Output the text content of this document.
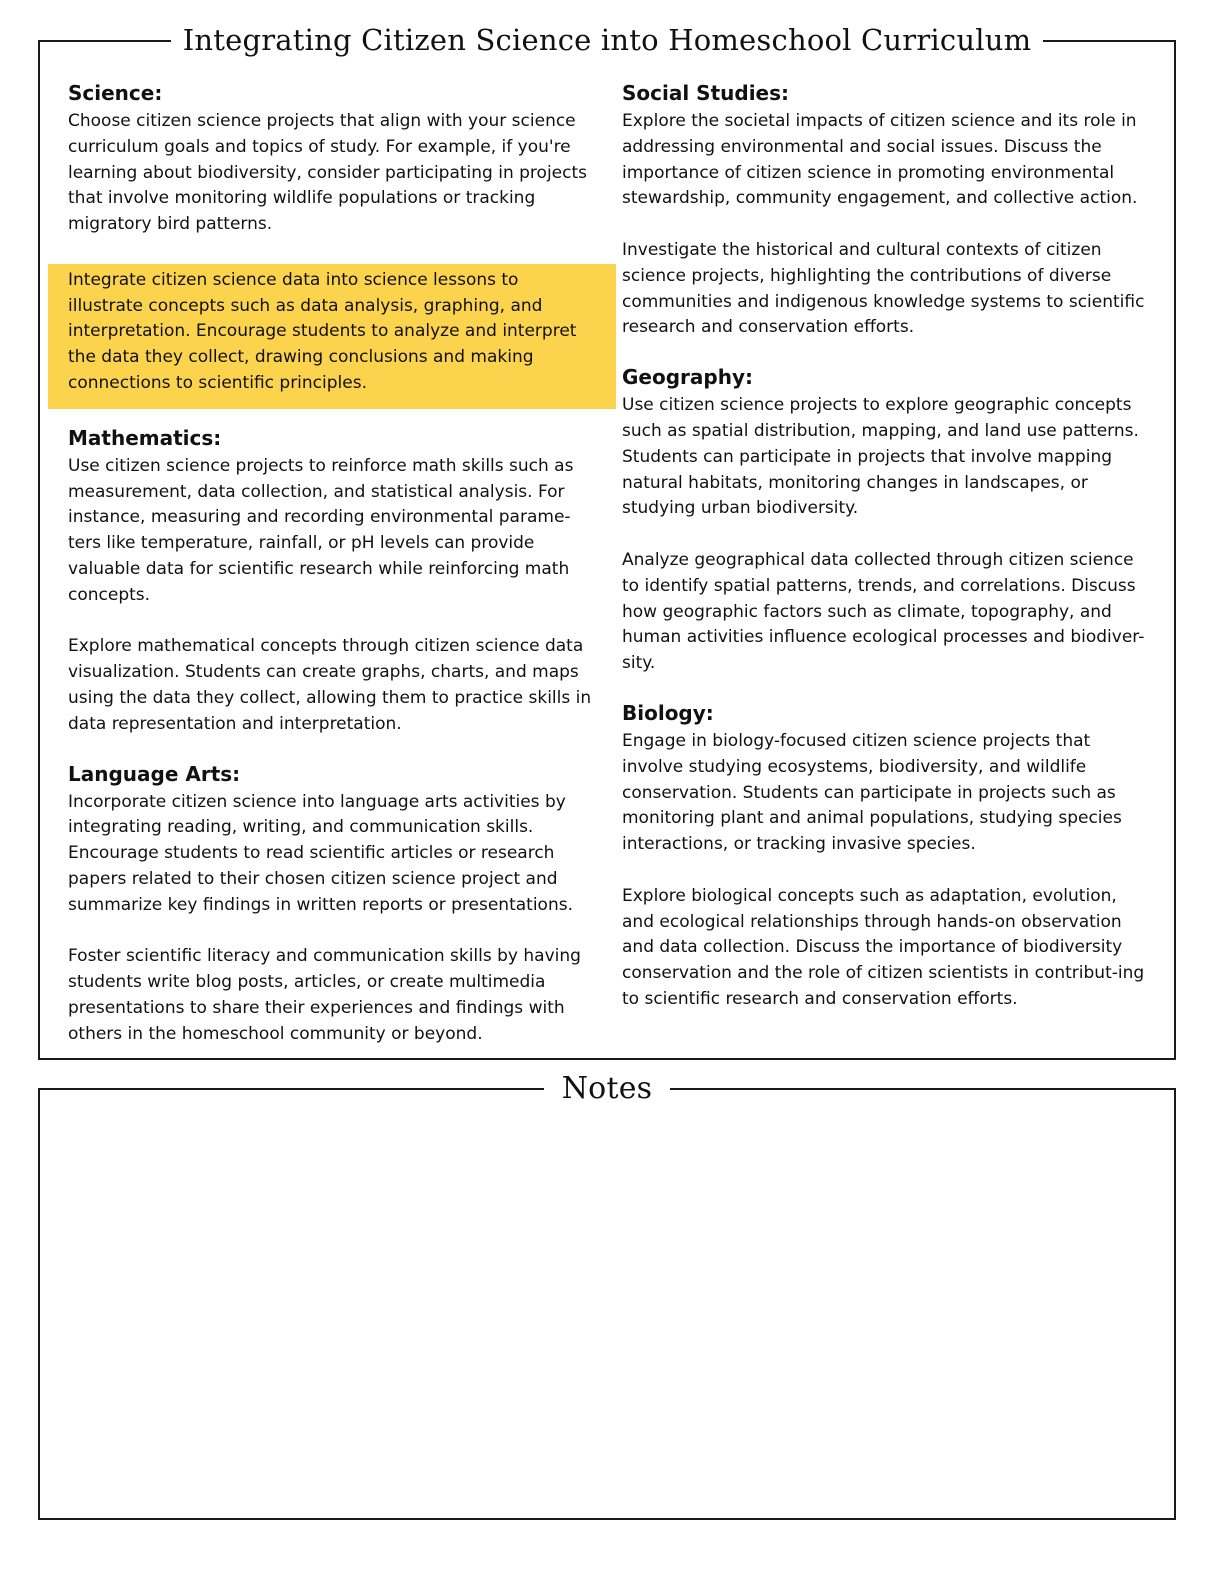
Integrating Citizen Science into Homeschool Curriculum
Science:

Choose citizen science projects that align with your science curriculum goals and topics of study. For example, if you're learning about biodiversity, consider participating in projects that involve monitoring wildlife populations or tracking migratory bird patterns.

Integrate citizen science data into science lessons to illustrate concepts such as data analysis, graphing, and interpretation. Encourage students to analyze and interpret the data they collect, drawing conclusions and making connections to scientific principles.

Mathematics:

Use citizen science projects to reinforce math skills such as measurement, data collection, and statistical analysis. For instance, measuring and recording environmental parame-ters like temperature, rainfall, or pH levels can provide valuable data for scientific research while reinforcing math concepts.

Explore mathematical concepts through citizen science data visualization. Students can create graphs, charts, and maps using the data they collect, allowing them to practice skills in data representation and interpretation.

Language Arts:

Incorporate citizen science into language arts activities by integrating reading, writing, and communication skills. Encourage students to read scientific articles or research papers related to their chosen citizen science project and summarize key findings in written reports or presentations.

Foster scientific literacy and communication skills by having students write blog posts, articles, or create multimedia presentations to share their experiences and findings with others in the homeschool community or beyond.

Social Studies:

Explore the societal impacts of citizen science and its role in addressing environmental and social issues. Discuss the importance of citizen science in promoting environmental stewardship, community engagement, and collective action.

Investigate the historical and cultural contexts of citizen science projects, highlighting the contributions of diverse communities and indigenous knowledge systems to scientific research and conservation efforts.

Geography:

Use citizen science projects to explore geographic concepts such as spatial distribution, mapping, and land use patterns. Students can participate in projects that involve mapping natural habitats, monitoring changes in landscapes, or studying urban biodiversity.

Analyze geographical data collected through citizen science to identify spatial patterns, trends, and correlations. Discuss how geographic factors such as climate, topography, and human activities influence ecological processes and biodiver-sity.

Biology:

Engage in biology-focused citizen science projects that involve studying ecosystems, biodiversity, and wildlife conservation. Students can participate in projects such as monitoring plant and animal populations, studying species interactions, or tracking invasive species.

Explore biological concepts such as adaptation, evolution, and ecological relationships through hands-on observation and data collection. Discuss the importance of biodiversity conservation and the role of citizen scientists in contribut-ing to scientific research and conservation efforts.

Notes
